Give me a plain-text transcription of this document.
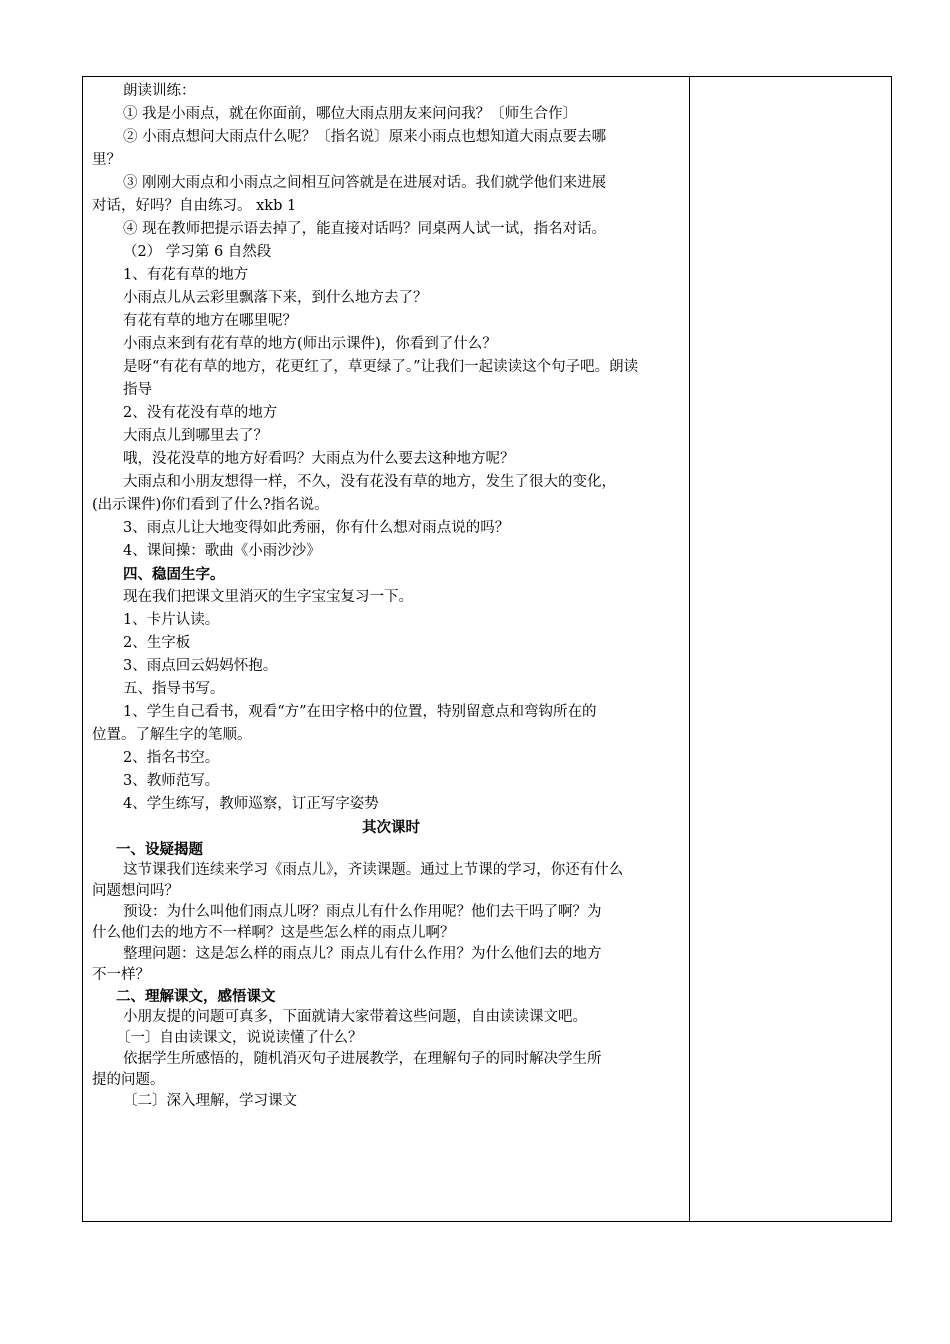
朗读训练：
① 我是小雨点，就在你面前，哪位大雨点朋友来问问我？〔师生合作〕
② 小雨点想问大雨点什么呢？〔指名说〕原来小雨点也想知道大雨点要去哪
里？
③ 刚刚大雨点和小雨点之间相互问答就是在进展对话。我们就学他们来进展
对话，好吗？自由练习。 xkb 1
④ 现在教师把提示语去掉了，能直接对话吗？同桌两人试一试，指名对话。
（2） 学习第 6 自然段
1、有花有草的地方
小雨点儿从云彩里飘落下来，到什么地方去了？
有花有草的地方在哪里呢？
小雨点来到有花有草的地方(师出示课件)，你看到了什么？
是呀“有花有草的地方，花更红了，草更绿了。”让我们一起读读这个句子吧。朗读
指导
2、没有花没有草的地方
大雨点儿到哪里去了？
哦，没花没草的地方好看吗？大雨点为什么要去这种地方呢？
大雨点和小朋友想得一样，不久，没有花没有草的地方，发生了很大的变化，
(出示课件)你们看到了什么?指名说。
3、雨点儿让大地变得如此秀丽，你有什么想对雨点说的吗？
4、课间操：歌曲《小雨沙沙》
四、稳固生字。
现在我们把课文里消灭的生字宝宝复习一下。
1、卡片认读。
2、生字板
3、雨点回云妈妈怀抱。
五、指导书写。
1、学生自己看书，观看“方”在田字格中的位置，特别留意点和弯钩所在的
位置。了解生字的笔顺。
2、指名书空。
3、教师范写。
4、学生练写，教师巡察，订正写字姿势
其次课时
一、设疑揭题
这节课我们连续来学习《雨点儿》，齐读课题。通过上节课的学习，你还有什么
问题想问吗？
预设：为什么叫他们雨点儿呀？雨点儿有什么作用呢？他们去干吗了啊？为
什么他们去的地方不一样啊？这是些怎么样的雨点儿啊？
整理问题：这是怎么样的雨点儿？雨点儿有什么作用？为什么他们去的地方
不一样？
二、理解课文，感悟课文
小朋友提的问题可真多，下面就请大家带着这些问题，自由读读课文吧。
〔一〕自由读课文，说说读懂了什么？
依据学生所感悟的，随机消灭句子进展教学，在理解句子的同时解决学生所
提的问题。
〔二〕深入理解，学习课文
